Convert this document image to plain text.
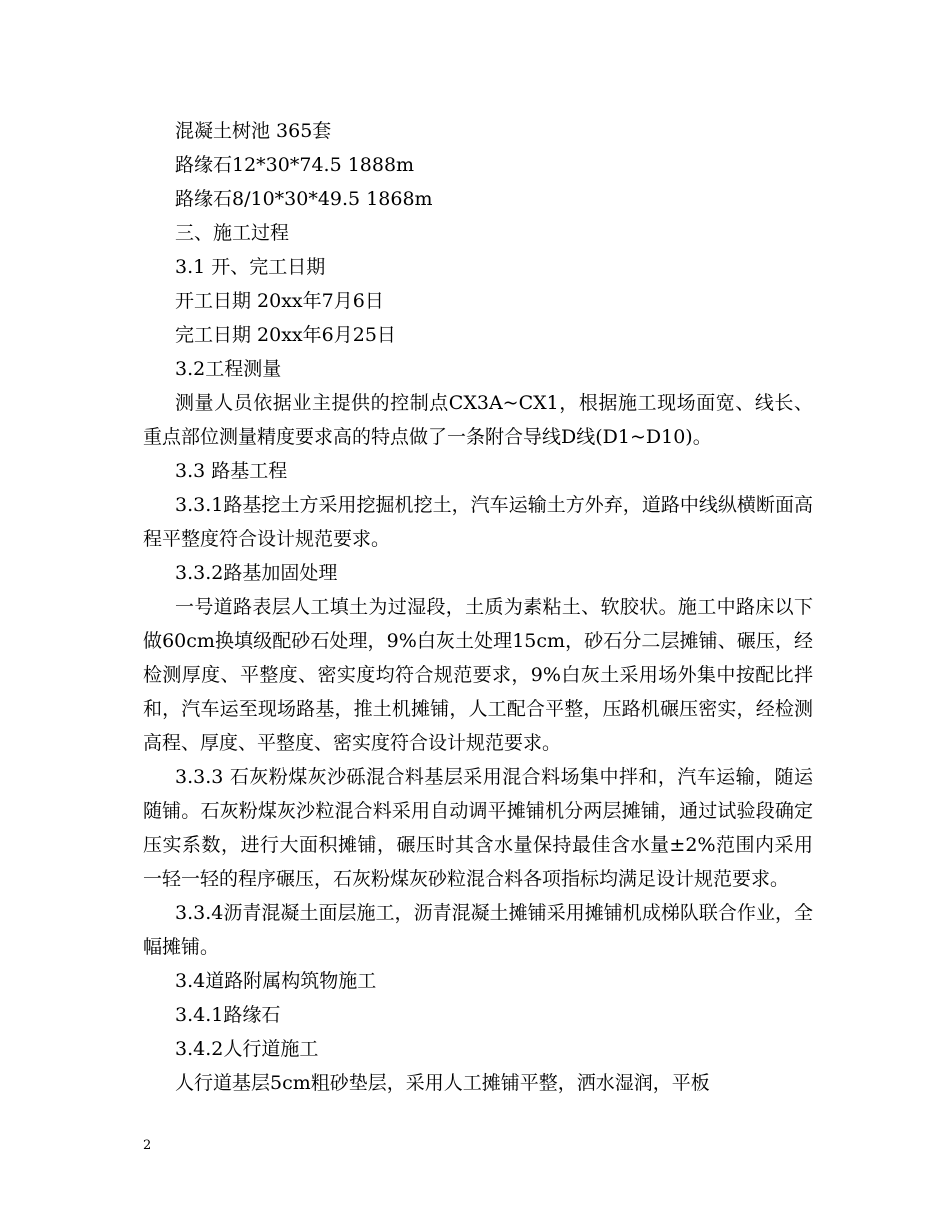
混凝土树池 365套

路缘石12*30*74.5 1888m

路缘石8/10*30*49.5 1868m

三、施工过程

3.1 开、完工日期

开工日期 20xx年7月6日

完工日期 20xx年6月25日

3.2工程测量

测量人员依据业主提供的控制点CX3A~CX1，根据施工现场面宽、线长、重点部位测量精度要求高的特点做了一条附合导线D线(D1~D10)。

3.3 路基工程

3.3.1路基挖土方采用挖掘机挖土，汽车运输土方外弃，道路中线纵横断面高程平整度符合设计规范要求。

3.3.2路基加固处理

一号道路表层人工填土为过湿段，土质为素粘土、软胶状。施工中路床以下做60cm换填级配砂石处理，9%白灰土处理15cm，砂石分二层摊铺、碾压，经检测厚度、平整度、密实度均符合规范要求，9%白灰土采用场外集中按配比拌和，汽车运至现场路基，推土机摊铺，人工配合平整，压路机碾压密实，经检测高程、厚度、平整度、密实度符合设计规范要求。

3.3.3 石灰粉煤灰沙砾混合料基层采用混合料场集中拌和，汽车运输，随运随铺。石灰粉煤灰沙粒混合料采用自动调平摊铺机分两层摊铺，通过试验段确定压实系数，进行大面积摊铺，碾压时其含水量保持最佳含水量±2%范围内采用一轻一轻的程序碾压，石灰粉煤灰砂粒混合料各项指标均满足设计规范要求。

3.3.4沥青混凝土面层施工，沥青混凝土摊铺采用摊铺机成梯队联合作业，全幅摊铺。

3.4道路附属构筑物施工

3.4.1路缘石

3.4.2人行道施工

人行道基层5cm粗砂垫层，采用人工摊铺平整，洒水湿润，平板

2
